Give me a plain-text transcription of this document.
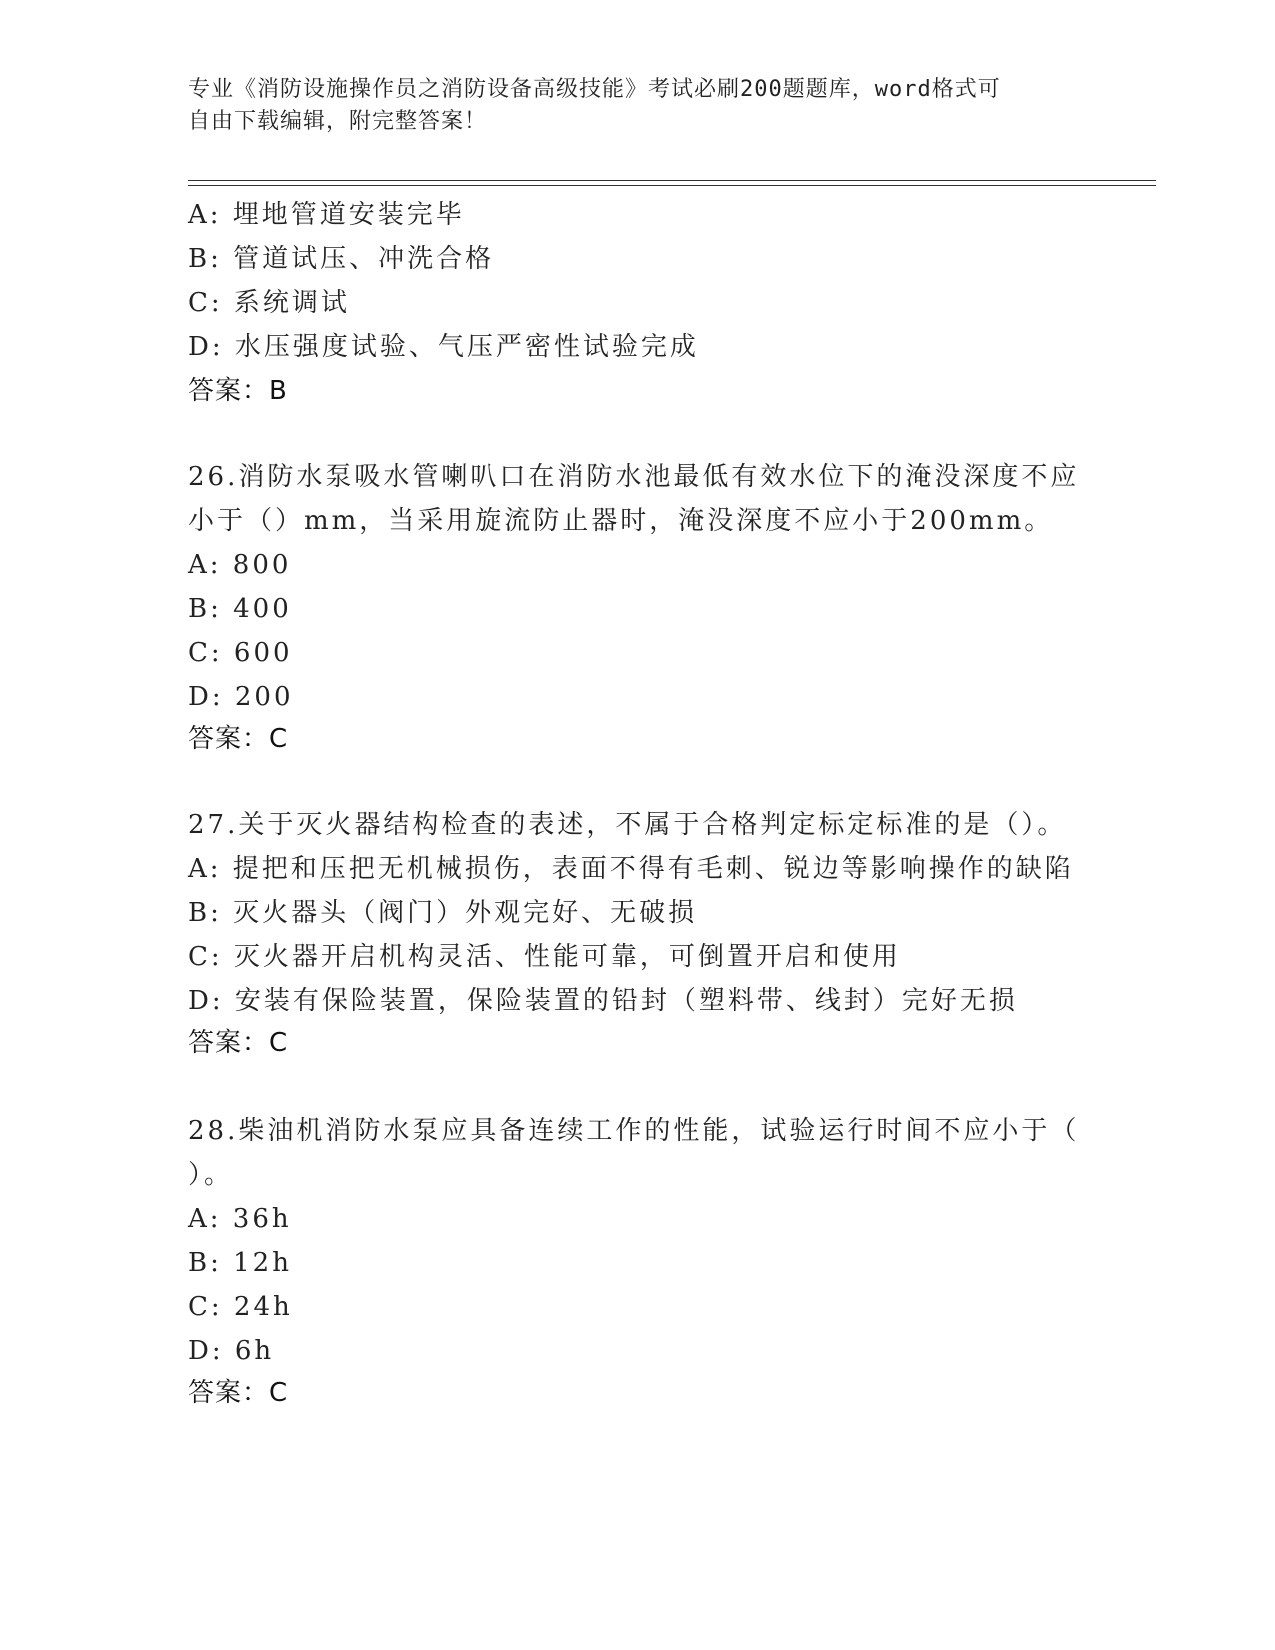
专业《消防设施操作员之消防设备高级技能》考试必刷200题题库，word格式可
自由下载编辑，附完整答案！
A: 埋地管道安装完毕
B: 管道试压、冲洗合格
C: 系统调试
D: 水压强度试验、气压严密性试验完成
答案：B
26.消防水泵吸水管喇叭口在消防水池最低有效水位下的淹没深度不应
小于（）mm，当采用旋流防止器时，淹没深度不应小于200mm。
A: 800
B: 400
C: 600
D: 200
答案：C
27.关于灭火器结构检查的表述，不属于合格判定标定标准的是（）。
A: 提把和压把无机械损伤，表面不得有毛刺、锐边等影响操作的缺陷
B: 灭火器头（阀门）外观完好、无破损
C: 灭火器开启机构灵活、性能可靠，可倒置开启和使用
D: 安装有保险装置，保险装置的铅封（塑料带、线封）完好无损
答案：C
28.柴油机消防水泵应具备连续工作的性能，试验运行时间不应小于（
）。
A: 36h
B: 12h
C: 24h
D: 6h
答案：C
